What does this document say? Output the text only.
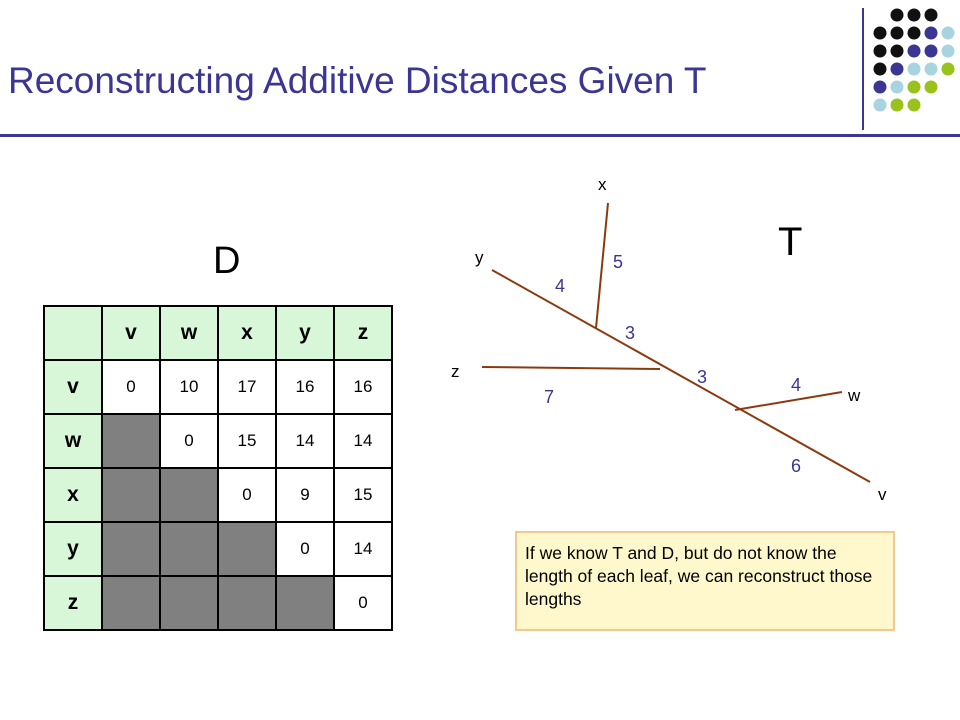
Reconstructing Additive Distances Given T
D
	v	w	x	y	z
v	0	10	17	16	16
w		0	15	14	14
x			0	9	15
y				0	14
z					0
T
x
y
z
w
v
5
4
3
3
7
4
6
If we know T and D, but do not know the length of each leaf, we can reconstruct those lengths
